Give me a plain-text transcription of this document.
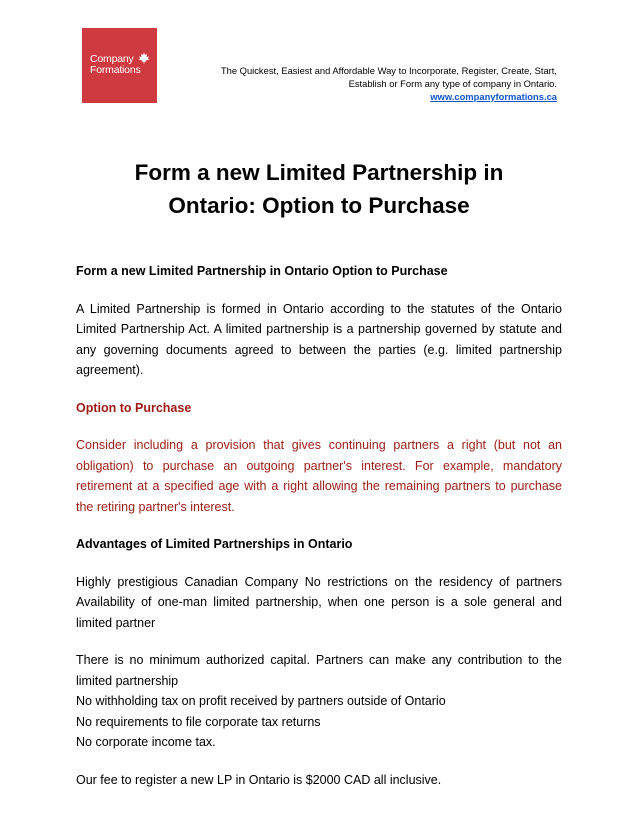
Company
Formations	The Quickest, Easiest and Affordable Way to Incorporate, Register, Create, Start,
Establish or Form any type of company in Ontario.
www.companyformations.ca
Form a new Limited Partnership in
Ontario: Option to Purchase

Form a new Limited Partnership in Ontario Option to Purchase

A Limited Partnership is formed in Ontario according to the statutes of the Ontario Limited Partnership Act. A limited partnership is a partnership governed by statute and any governing documents agreed to between the parties (e.g. limited partnership agreement).

Option to Purchase

Consider including a provision that gives continuing partners a right (but not an obligation) to purchase an outgoing partner's interest. For example, mandatory retirement at a specified age with a right allowing the remaining partners to purchase the retiring partner's interest.

Advantages of Limited Partnerships in Ontario

Highly prestigious Canadian Company No restrictions on the residency of partners Availability of one-man limited partnership, when one person is a sole general and limited partner

There is no minimum authorized capital. Partners can make any contribution to the limited partnership

No withholding tax on profit received by partners outside of Ontario

No requirements to file corporate tax returns

No corporate income tax.

Our fee to register a new LP in Ontario is $2000 CAD all inclusive.
